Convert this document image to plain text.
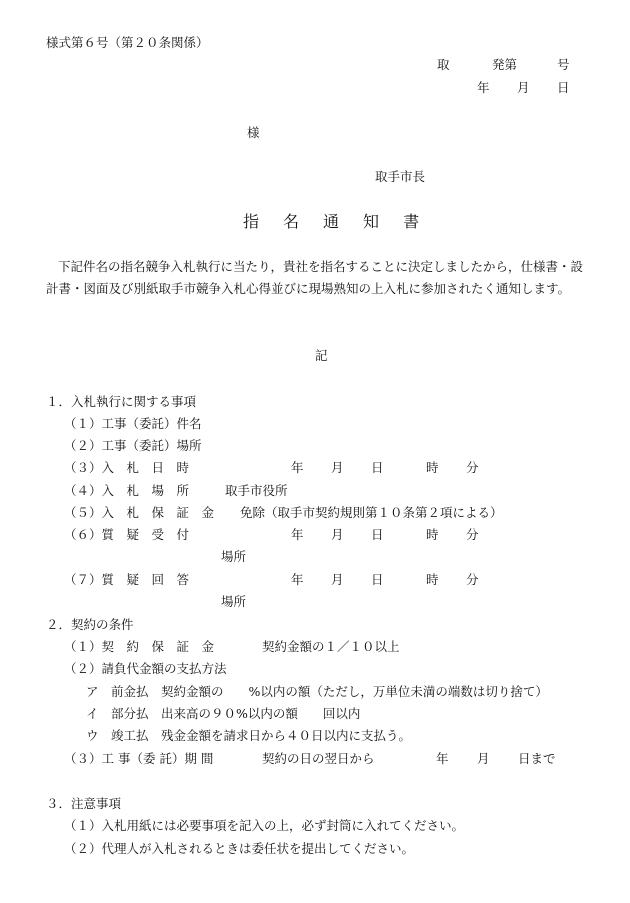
様式第６号（第２０条関係）
取	発第	号
年 月 日
様
取手市長
指 名 通 知 書
下記件名の指名競争入札執行に当たり，貴社を指名することに決定しましたから，仕様書・設計書・図面及び別紙取手市競争入札心得並びに現場熟知の上入札に参加されたく通知します。
記
１．入札執行に関する事項
（１）工事（委託）件名
（２）工事（委託）場所
（３）入　札　日　時	年 月 日	時 分
（４）入　札　場　所	取手市役所
（５）入　札　保　証　金 免除（取手市契約規則第１０条第２項による）
（６）質　疑　受　付	年 月 日	時 分
場所
（７）質　疑　回　答	年 月 日	時 分
場所
２．契約の条件
（１）契　約　保　証　金	契約金額の１／１０以上
（２）請負代金額の支払方法
ア　前金払　契約金額の　　%以内の額（ただし，万単位未満の端数は切り捨て）
イ　部分払　出来高の９０%以内の額　　回以内
ウ　竣工払　残金金額を請求日から４０日以内に支払う。
（３）工 事（委 託）期 間	契約の日の翌日から	年 月 日まで
３．注意事項
（１）入札用紙には必要事項を記入の上，必ず封筒に入れてください。
（２）代理人が入札されるときは委任状を提出してください。
